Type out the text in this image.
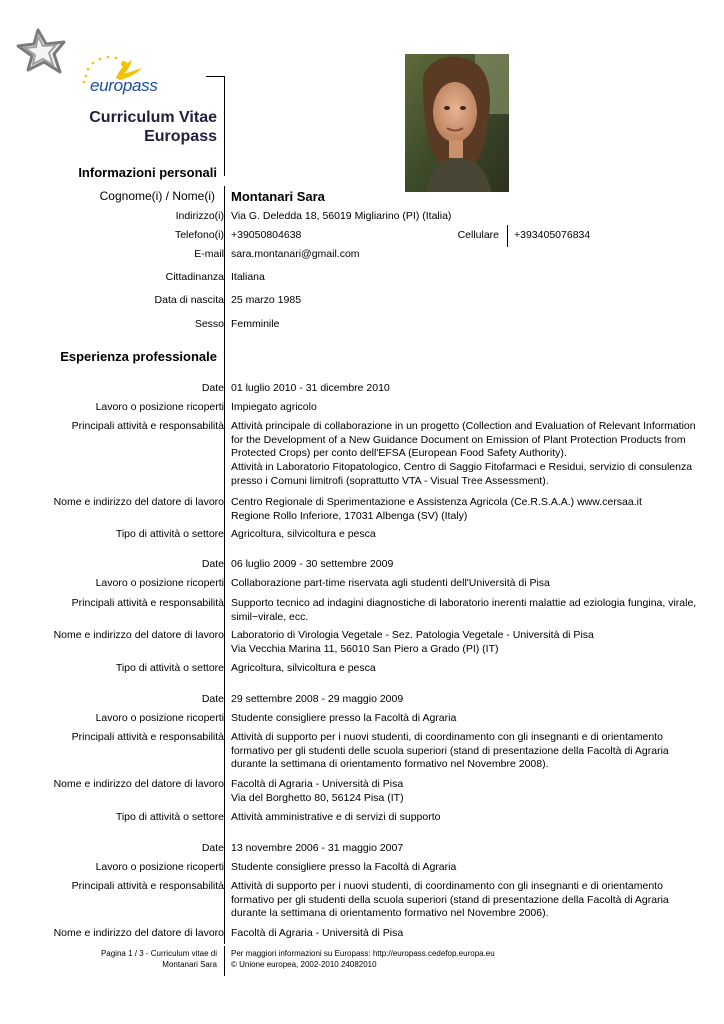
europass
Curriculum Vitae
Europass
Informazioni personali
Cognome(i) / Nome(i) Montanari Sara
Indirizzo(i) Via G. Deledda 18, 56019 Migliarino (PI) (Italia)
Telefono(i) +39050804638	Cellulare +393405076834
E-mail sara.montanari@gmail.com
Cittadinanza Italiana
Data di nascita 25 marzo 1985
Sesso Femminile
Esperienza professionale
Date 01 luglio 2010 - 31 dicembre 2010
Lavoro o posizione ricoperti Impiegato agricolo
Principali attività e responsabilità Attività principale di collaborazione in un progetto (Collection and Evaluation of Relevant Information
for the Development of a New Guidance Document on Emission of Plant Protection Products from
Protected Crops) per conto dell'EFSA (European Food Safety Authority).
Attività in Laboratorio Fitopatologico, Centro di Saggio Fitofarmaci e Residui, servizio di consulenza
presso i Comuni limitrofi (soprattutto VTA - Visual Tree Assessment).
Nome e indirizzo del datore di lavoro Centro Regionale di Sperimentazione e Assistenza Agricola (Ce.R.S.A.A.) www.cersaa.it
Regione Rollo Inferiore, 17031 Albenga (SV) (Italy)
Tipo di attività o settore Agricoltura, silvicoltura e pesca
Date 06 luglio 2009 - 30 settembre 2009
Lavoro o posizione ricoperti Collaborazione part-time riservata agli studenti dell'Università di Pisa
Principali attività e responsabilità Supporto tecnico ad indagini diagnostiche di laboratorio inerenti malattie ad eziologia fungina, virale,
simil−virale, ecc.
Nome e indirizzo del datore di lavoro Laboratorio di Virologia Vegetale - Sez. Patologia Vegetale - Università di Pisa
Via Vecchia Marina 11, 56010 San Piero a Grado (PI) (IT)
Tipo di attività o settore Agricoltura, silvicoltura e pesca
Date 29 settembre 2008 - 29 maggio 2009
Lavoro o posizione ricoperti Studente consigliere presso la Facoltà di Agraria
Principali attività e responsabilità Attività di supporto per i nuovi studenti, di coordinamento con gli insegnanti e di orientamento
formativo per gli studenti delle scuola superiori (stand di presentazione della Facoltà di Agraria
durante la settimana di orientamento formativo nel Novembre 2008).
Nome e indirizzo del datore di lavoro Facoltà di Agraria - Università di Pisa
Via del Borghetto 80, 56124 Pisa (IT)
Tipo di attività o settore Attività amministrative e di servizi di supporto
Date 13 novembre 2006 - 31 maggio 2007
Lavoro o posizione ricoperti Studente consigliere presso la Facoltà di Agraria
Principali attività e responsabilità Attività di supporto per i nuovi studenti, di coordinamento con gli insegnanti e di orientamento
formativo per gli studenti della scuola superiori (stand di presentazione della Facoltà di Agraria
durante la settimana di orientamento formativo nel Novembre 2006).
Nome e indirizzo del datore di lavoro Facoltà di Agraria - Università di Pisa
Pagina 1 / 3 - Curriculum vitae di
Montanari Sara
Per maggiori informazioni su Europass: http://europass.cedefop.europa.eu
© Unione europea, 2002-2010 24082010
